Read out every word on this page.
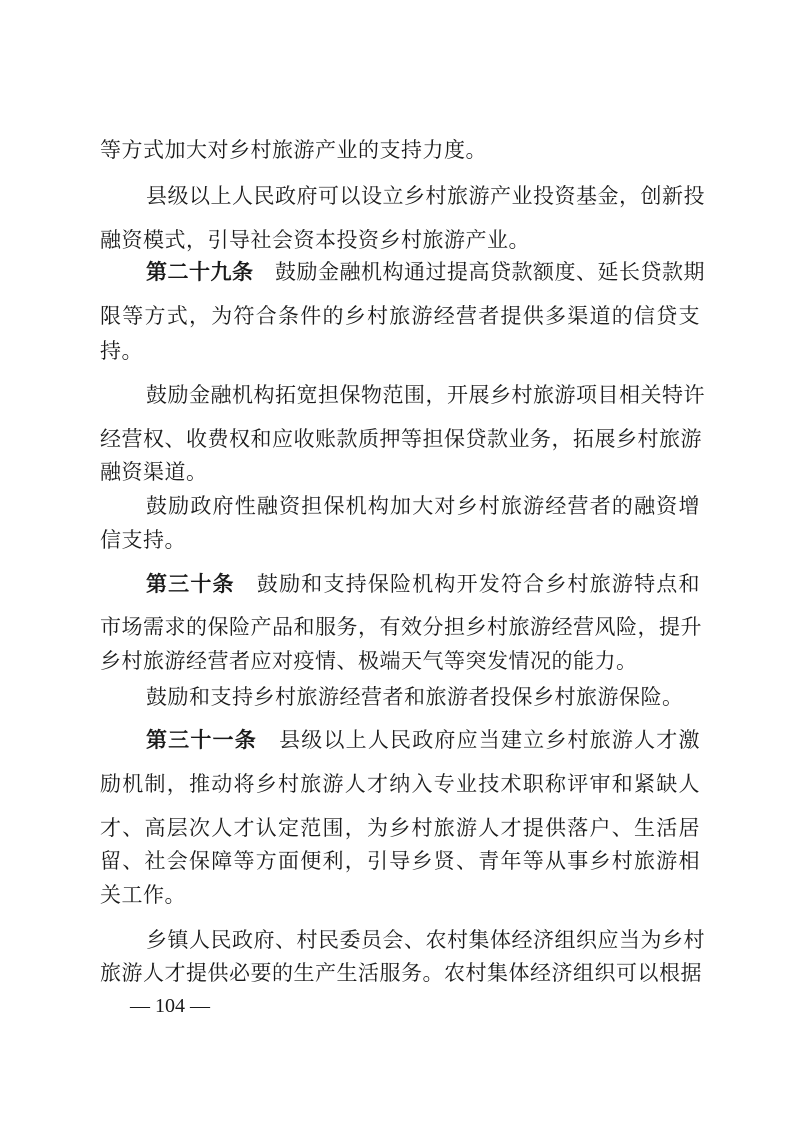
等方式加大对乡村旅游产业的支持力度。
县级以上人民政府可以设立乡村旅游产业投资基金，创新投
融资模式，引导社会资本投资乡村旅游产业。
第二十九条　鼓励金融机构通过提高贷款额度、延长贷款期
限等方式，为符合条件的乡村旅游经营者提供多渠道的信贷支
持。
鼓励金融机构拓宽担保物范围，开展乡村旅游项目相关特许
经营权、收费权和应收账款质押等担保贷款业务，拓展乡村旅游
融资渠道。
鼓励政府性融资担保机构加大对乡村旅游经营者的融资增
信支持。
第三十条　鼓励和支持保险机构开发符合乡村旅游特点和
市场需求的保险产品和服务，有效分担乡村旅游经营风险，提升
乡村旅游经营者应对疫情、极端天气等突发情况的能力。
鼓励和支持乡村旅游经营者和旅游者投保乡村旅游保险。
第三十一条　县级以上人民政府应当建立乡村旅游人才激
励机制，推动将乡村旅游人才纳入专业技术职称评审和紧缺人
才、高层次人才认定范围，为乡村旅游人才提供落户、生活居
留、社会保障等方面便利，引导乡贤、青年等从事乡村旅游相
关工作。
乡镇人民政府、村民委员会、农村集体经济组织应当为乡村
旅游人才提供必要的生产生活服务。农村集体经济组织可以根据
— 104 —
